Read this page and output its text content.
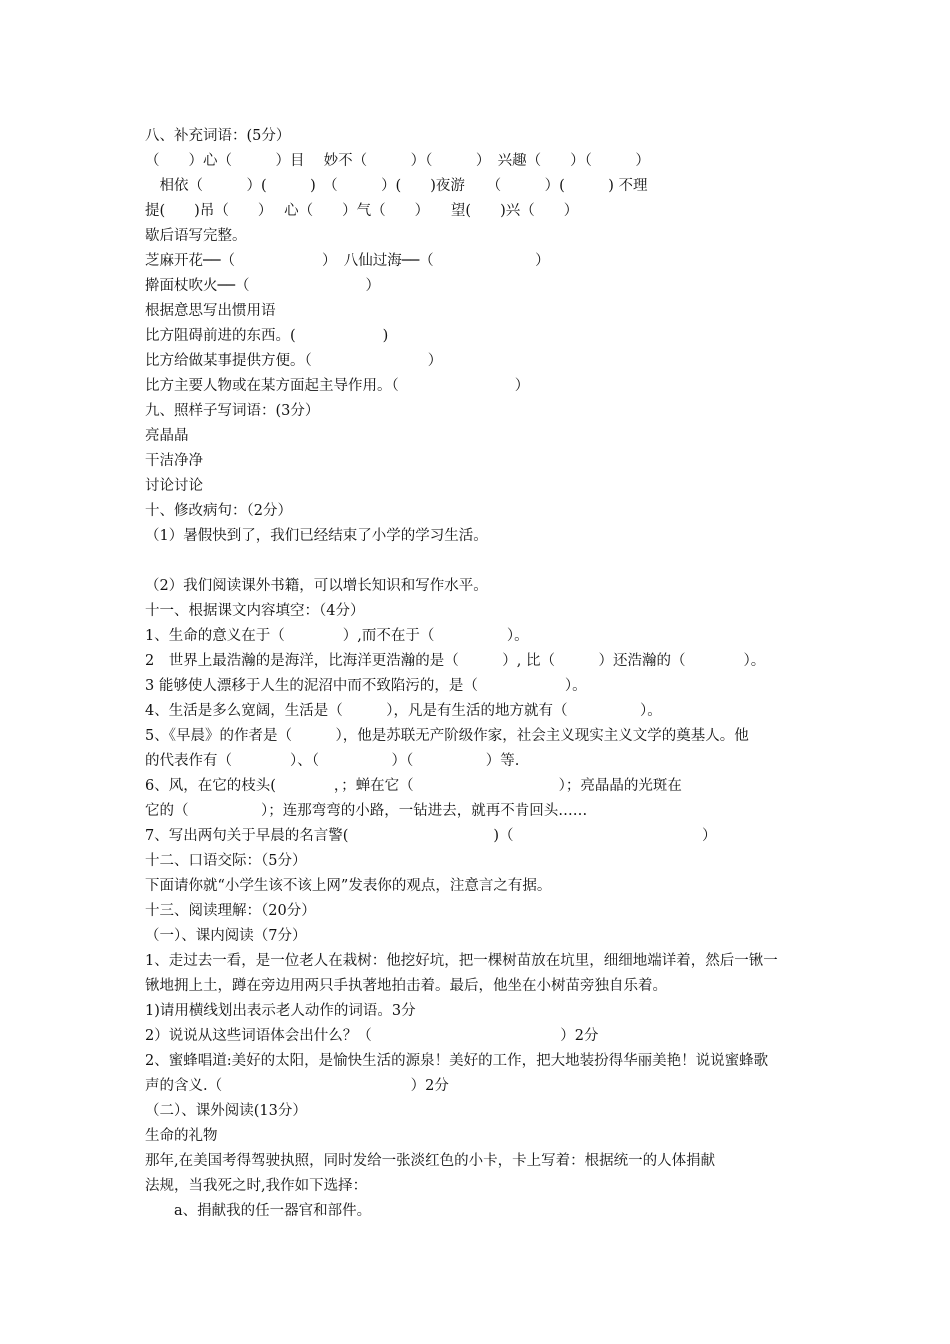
八、补充词语：(5分）
（　　）心（　　　）目　 妙不（　　　）（　　　）　兴趣（　　）（　　　）
　相依（　　　）(　　　)　（　　　）(　　)夜游　　（　　　）(　　　) 不理
提(　　)吊（　　）　 心（　　）气（　　）　　望(　　)兴（　　）
歇后语写完整。
芝麻开花──（　　　　　　）　八仙过海──（　　　　　　　）
擀面杖吹火──（　　　　　　　　）
根据意思写出惯用语
比方阻碍前进的东西。(　　　　　　)
比方给做某事提供方便。（　　　　　　　　）
比方主要人物或在某方面起主导作用。（　　　　　　　　）
九、照样子写词语：(3分）
亮晶晶
干洁净净
讨论讨论
十、修改病句：（2分）
（1）暑假快到了，我们已经结束了小学的学习生活。
（2）我们阅读课外书籍，可以增长知识和写作水平。
十一、根据课文内容填空：（4分）
1、生命的意义在于（　　　　）,而不在于（　　　　　）。
2　世界上最浩瀚的是海洋，比海洋更浩瀚的是（　　　）, 比（　　　）还浩瀚的（　　　　）。
3 能够使人漂移于人生的泥沼中而不致陷污的，是（　　　　　　）。
4、生活是多么宽阔，生活是（　　　），凡是有生活的地方就有（　　　　　）。
5、《早晨》的作者是（　　　），他是苏联无产阶级作家，社会主义现实主义文学的奠基人。他
的代表作有（　　　　）、（　　　　　）（　　　　　）等.
6、风，在它的枝头(　　　　，；蝉在它（　　　　　　　　　　）；亮晶晶的光斑在
它的（　　　　　）；连那弯弯的小路，一钻进去，就再不肯回头……
7、写出两句关于早晨的名言警(　　　　　　　　　　)（　　　　　　　　　　　　　）
十二、口语交际：（5分）
下面请你就“小学生该不该上网”发表你的观点，注意言之有据。
十三、阅读理解：（20分）
（一）、课内阅读（7分）
1、走过去一看，是一位老人在栽树：他挖好坑，把一棵树苗放在坑里，细细地端详着，然后一锹一
锹地拥上土，蹲在旁边用两只手执著地拍击着。最后，他坐在小树苗旁独自乐着。
1)请用横线划出表示老人动作的词语。3分
2）说说从这些词语体会出什么？（　　　　　　　　　　　　　）2分
2、蜜蜂唱道:美好的太阳，是愉快生活的源泉！美好的工作，把大地装扮得华丽美艳！说说蜜蜂歌
声的含义.（　　　　　　　　　　　　　）2分
（二）、课外阅读(13分）
生命的礼物
那年,在美国考得驾驶执照，同时发给一张淡红色的小卡，卡上写着：根据统一的人体捐献
法规，当我死之时,我作如下选择：
　　a、捐献我的任一器官和部件。
